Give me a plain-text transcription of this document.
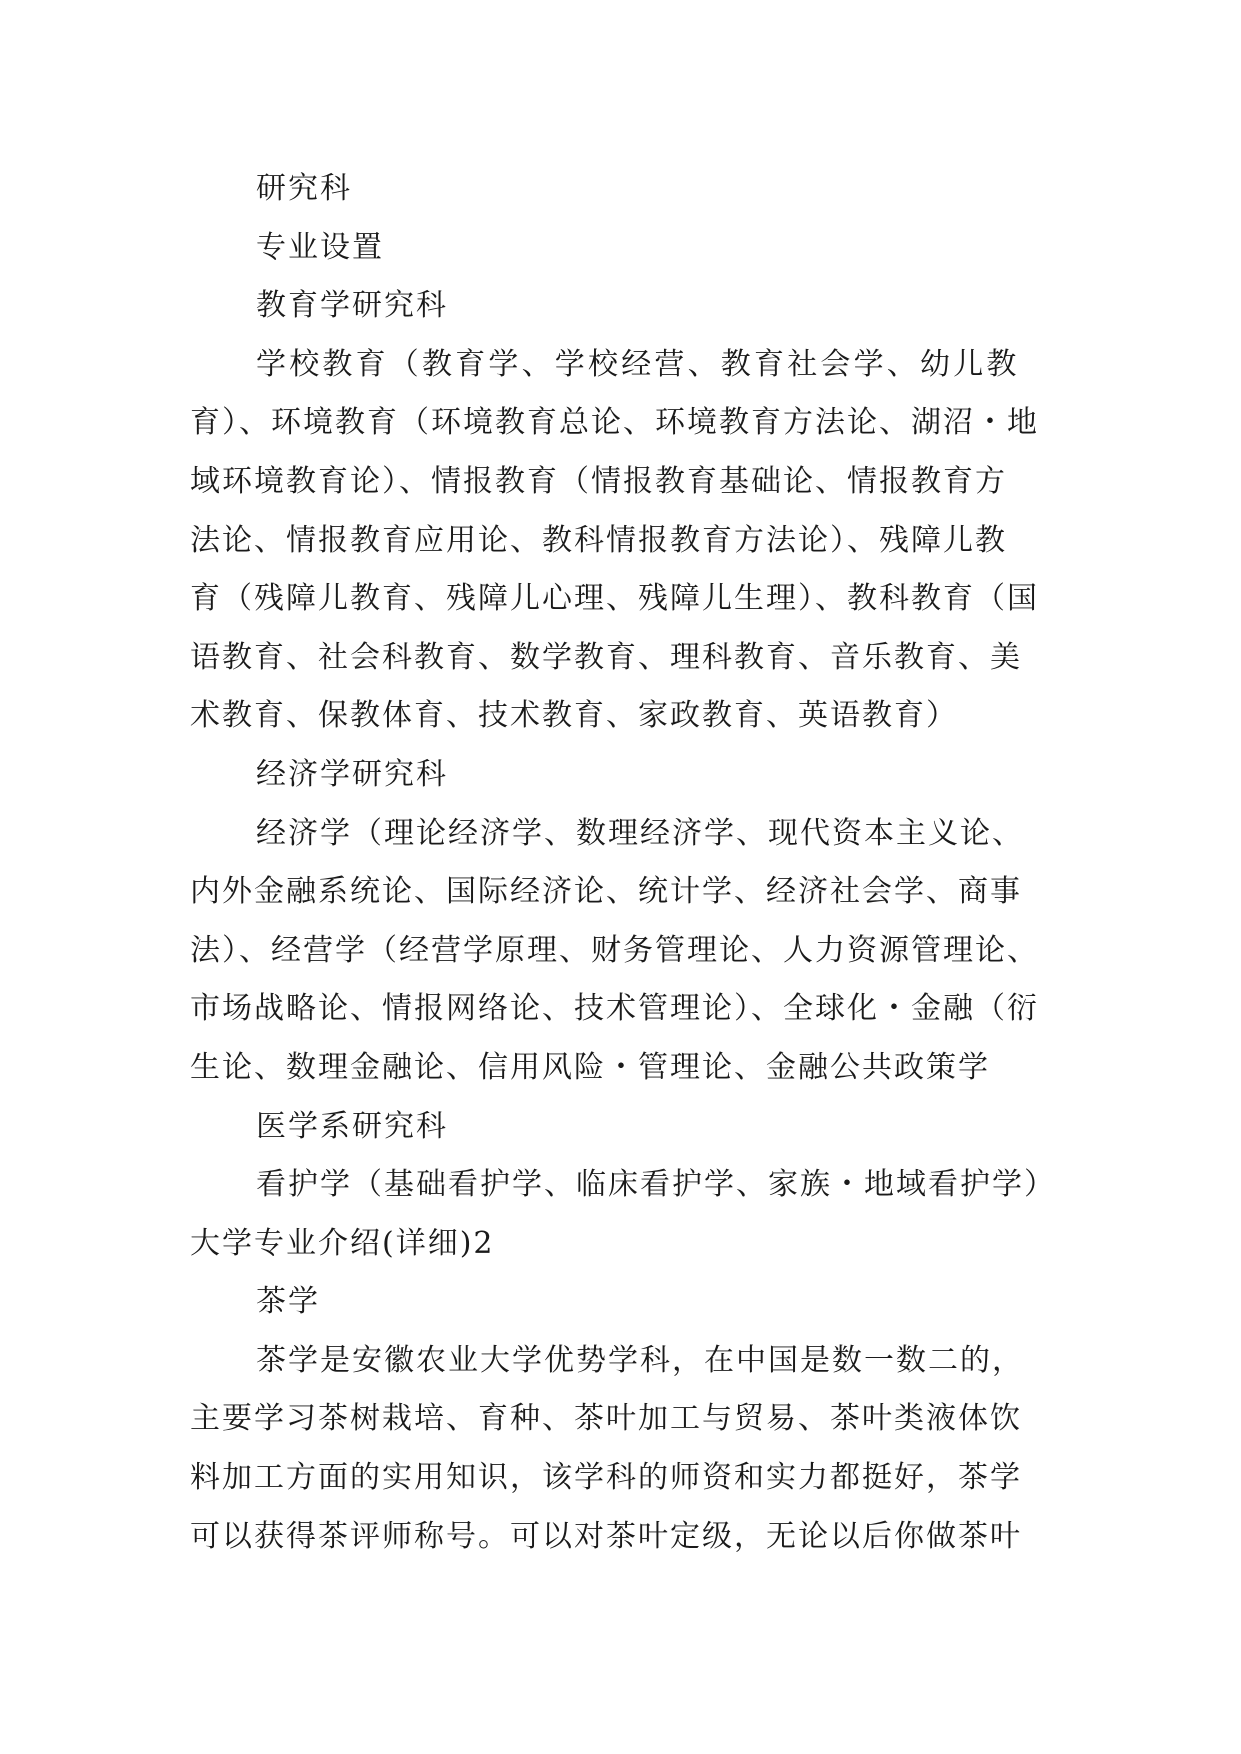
研究科
专业设置
教育学研究科
学校教育（教育学、学校经营、教育社会学、幼儿教
育）、环境教育（环境教育总论、环境教育方法论、湖沼・地
域环境教育论）、情报教育（情报教育基础论、情报教育方
法论、情报教育应用论、教科情报教育方法论）、残障儿教
育（残障儿教育、残障儿心理、残障儿生理）、教科教育（国
语教育、社会科教育、数学教育、理科教育、音乐教育、美
术教育、保教体育、技术教育、家政教育、英语教育）
经济学研究科
经济学（理论经济学、数理经济学、现代资本主义论、
内外金融系统论、国际经济论、统计学、经济社会学、商事
法）、经营学（经营学原理、财务管理论、人力资源管理论、
市场战略论、情报网络论、技术管理论）、全球化・金融（衍
生论、数理金融论、信用风险・管理论、金融公共政策学
医学系研究科
看护学（基础看护学、临床看护学、家族・地域看护学）
大学专业介绍(详细)2
茶学
茶学是安徽农业大学优势学科，在中国是数一数二的，
主要学习茶树栽培、育种、茶叶加工与贸易、茶叶类液体饮
料加工方面的实用知识，该学科的师资和实力都挺好，茶学
可以获得茶评师称号。可以对茶叶定级，无论以后你做茶叶
